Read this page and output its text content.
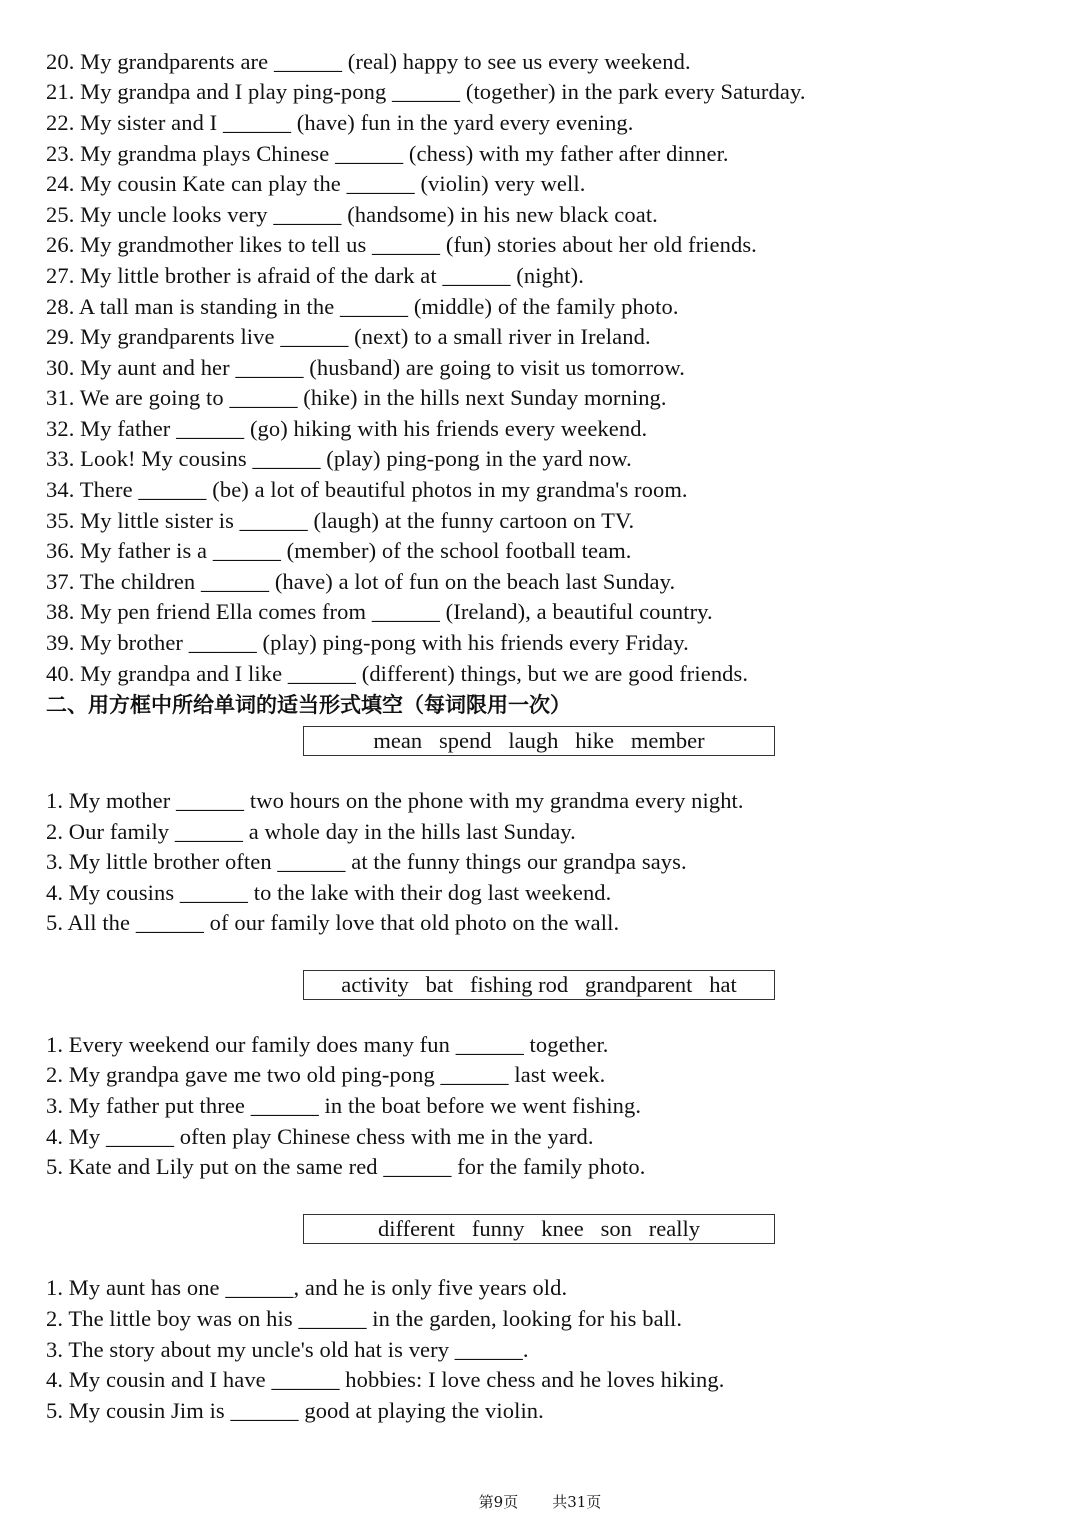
20. My grandparents are ______ (real) happy to see us every weekend.
21. My grandpa and I play ping-pong ______ (together) in the park every Saturday.
22. My sister and I ______ (have) fun in the yard every evening.
23. My grandma plays Chinese ______ (chess) with my father after dinner.
24. My cousin Kate can play the ______ (violin) very well.
25. My uncle looks very ______ (handsome) in his new black coat.
26. My grandmother likes to tell us ______ (fun) stories about her old friends.
27. My little brother is afraid of the dark at ______ (night).
28. A tall man is standing in the ______ (middle) of the family photo.
29. My grandparents live ______ (next) to a small river in Ireland.
30. My aunt and her ______ (husband) are going to visit us tomorrow.
31. We are going to ______ (hike) in the hills next Sunday morning.
32. My father ______ (go) hiking with his friends every weekend.
33. Look! My cousins ______ (play) ping-pong in the yard now.
34. There ______ (be) a lot of beautiful photos in my grandma's room.
35. My little sister is ______ (laugh) at the funny cartoon on TV.
36. My father is a ______ (member) of the school football team.
37. The children ______ (have) a lot of fun on the beach last Sunday.
38. My pen friend Ella comes from ______ (Ireland), a beautiful country.
39. My brother ______ (play) ping-pong with his friends every Friday.
40. My grandpa and I like ______ (different) things, but we are good friends.
二、用方框中所给单词的适当形式填空（每词限用一次）
mean   spend   laugh   hike   member
1. My mother ______ two hours on the phone with my grandma every night.
2. Our family ______ a whole day in the hills last Sunday.
3. My little brother often ______ at the funny things our grandpa says.
4. My cousins ______ to the lake with their dog last weekend.
5. All the ______ of our family love that old photo on the wall.
activity   bat   fishing rod   grandparent   hat
1. Every weekend our family does many fun ______ together.
2. My grandpa gave me two old ping-pong ______ last week.
3. My father put three ______ in the boat before we went fishing.
4. My ______ often play Chinese chess with me in the yard.
5. Kate and Lily put on the same red ______ for the family photo.
different   funny   knee   son   really
1. My aunt has one ______, and he is only five years old.
2. The little boy was on his ______ in the garden, looking for his ball.
3. The story about my uncle's old hat is very ______.
4. My cousin and I have ______ hobbies: I love chess and he loves hiking.
5. My cousin Jim is ______ good at playing the violin.
第9页 共31页
